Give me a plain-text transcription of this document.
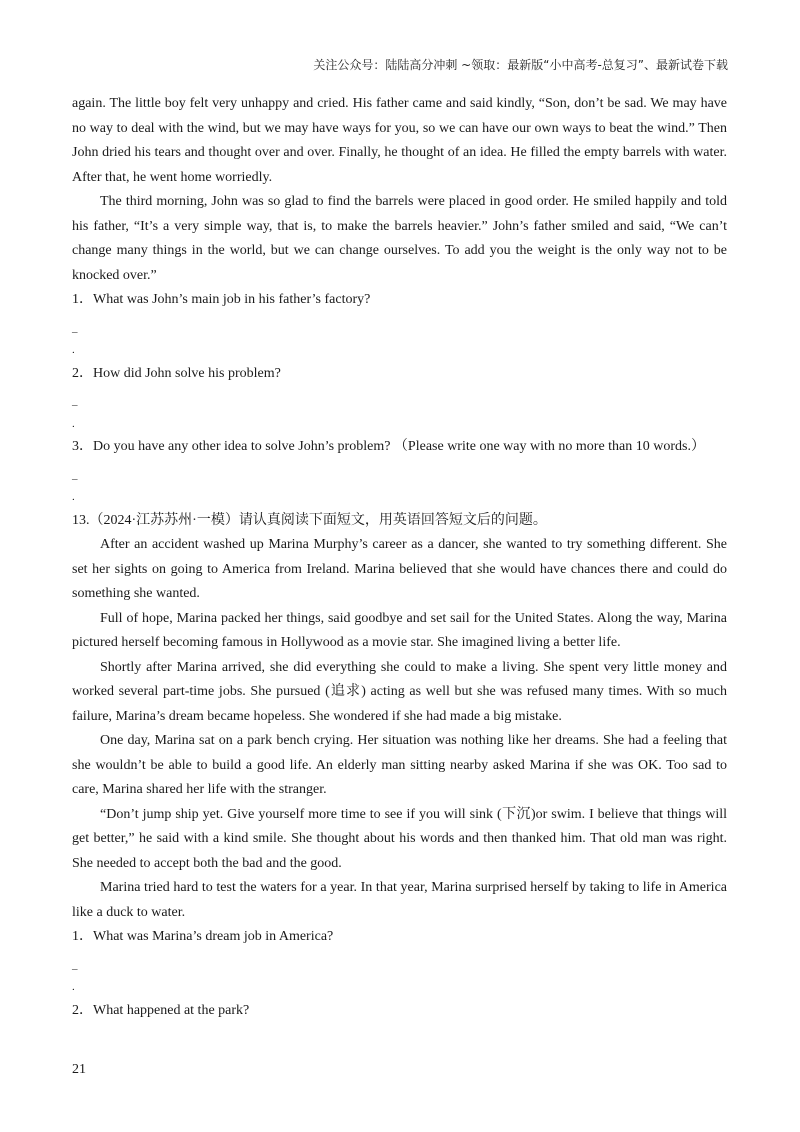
关注公众号：陆陆高分冲刺 ~领取：最新版“小中高考-总复习”、最新试卷下载

again. The little boy felt very unhappy and cried. His father came and said kindly, “Son, don’t be sad. We may have no way to deal with the wind, but we may have ways for you, so we can have our own ways to beat the wind.” Then John dried his tears and thought over and over. Finally, he thought of an idea. He filled the empty barrels with water. After that, he went home worriedly.

The third morning, John was so glad to find the barrels were placed in good order. He smiled happily and told his father, “It’s a very simple way, that is, to make the barrels heavier.” John’s father smiled and said, “We can’t change many things in the world, but we can change ourselves. To add you the weight is the only way not to be knocked over.”

1．What was John’s main job in his father’s factory?

_
.

2．How did John solve his problem?

_
.

3．Do you have any other idea to solve John’s problem? （Please write one way with no more than 10 words.）

_
.

13.（2024·江苏苏州·一模）请认真阅读下面短文，用英语回答短文后的问题。

After an accident washed up Marina Murphy’s career as a dancer, she wanted to try something different. She set her sights on going to America from Ireland. Marina believed that she would have chances there and could do something she wanted.

Full of hope, Marina packed her things, said goodbye and set sail for the United States. Along the way, Marina pictured herself becoming famous in Hollywood as a movie star. She imagined living a better life.

Shortly after Marina arrived, she did everything she could to make a living. She spent very little money and worked several part-time jobs. She pursued (追求) acting as well but she was refused many times. With so much failure, Marina’s dream became hopeless. She wondered if she had made a big mistake.

One day, Marina sat on a park bench crying. Her situation was nothing like her dreams. She had a feeling that she wouldn’t be able to build a good life. An elderly man sitting nearby asked Marina if she was OK. Too sad to care, Marina shared her life with the stranger.

“Don’t jump ship yet. Give yourself more time to see if you will sink (下沉)or swim. I believe that things will get better,” he said with a kind smile. She thought about his words and then thanked him. That old man was right. She needed to accept both the bad and the good.

Marina tried hard to test the waters for a year. In that year, Marina surprised herself by taking to life in America like a duck to water.

1．What was Marina’s dream job in America?

_
.

2．What happened at the park?

21
